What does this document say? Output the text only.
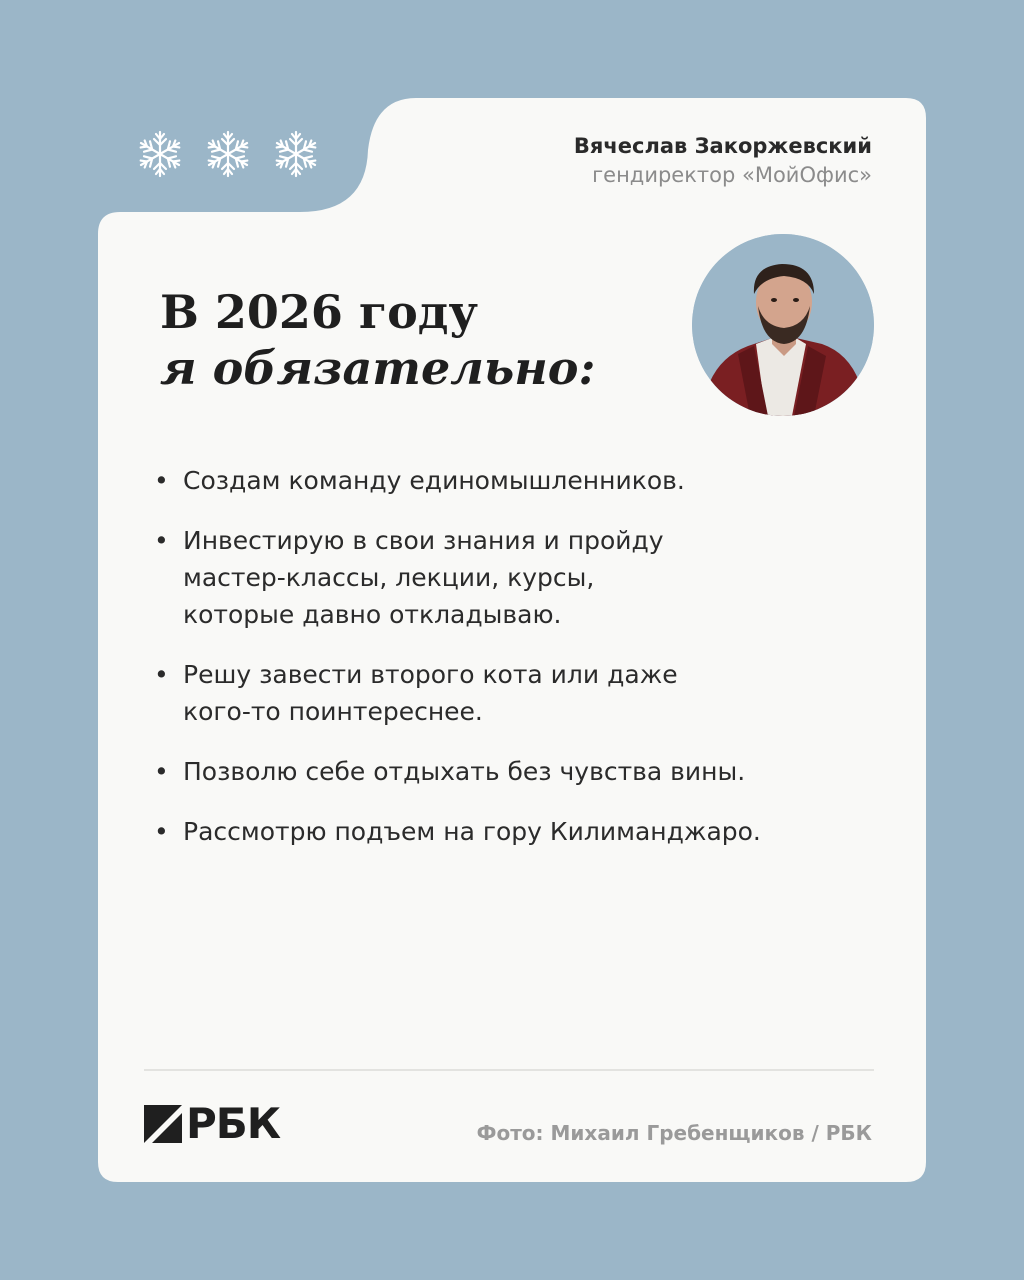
Вячеслав Закоржевский
гендиректор «МойОфис»
В 2026 году
я обязательно:
• Создам команду единомышленников.
• Инвестирую в свои знания и пройду
мастер-классы, лекции, курсы,
которые давно откладываю.
• Решу завести второго кота или даже
кого-то поинтереснее.
• Позволю себе отдыхать без чувства вины.
• Рассмотрю подъем на гору Килиманджаро.
РБК	Фото: Михаил Гребенщиков / РБК
